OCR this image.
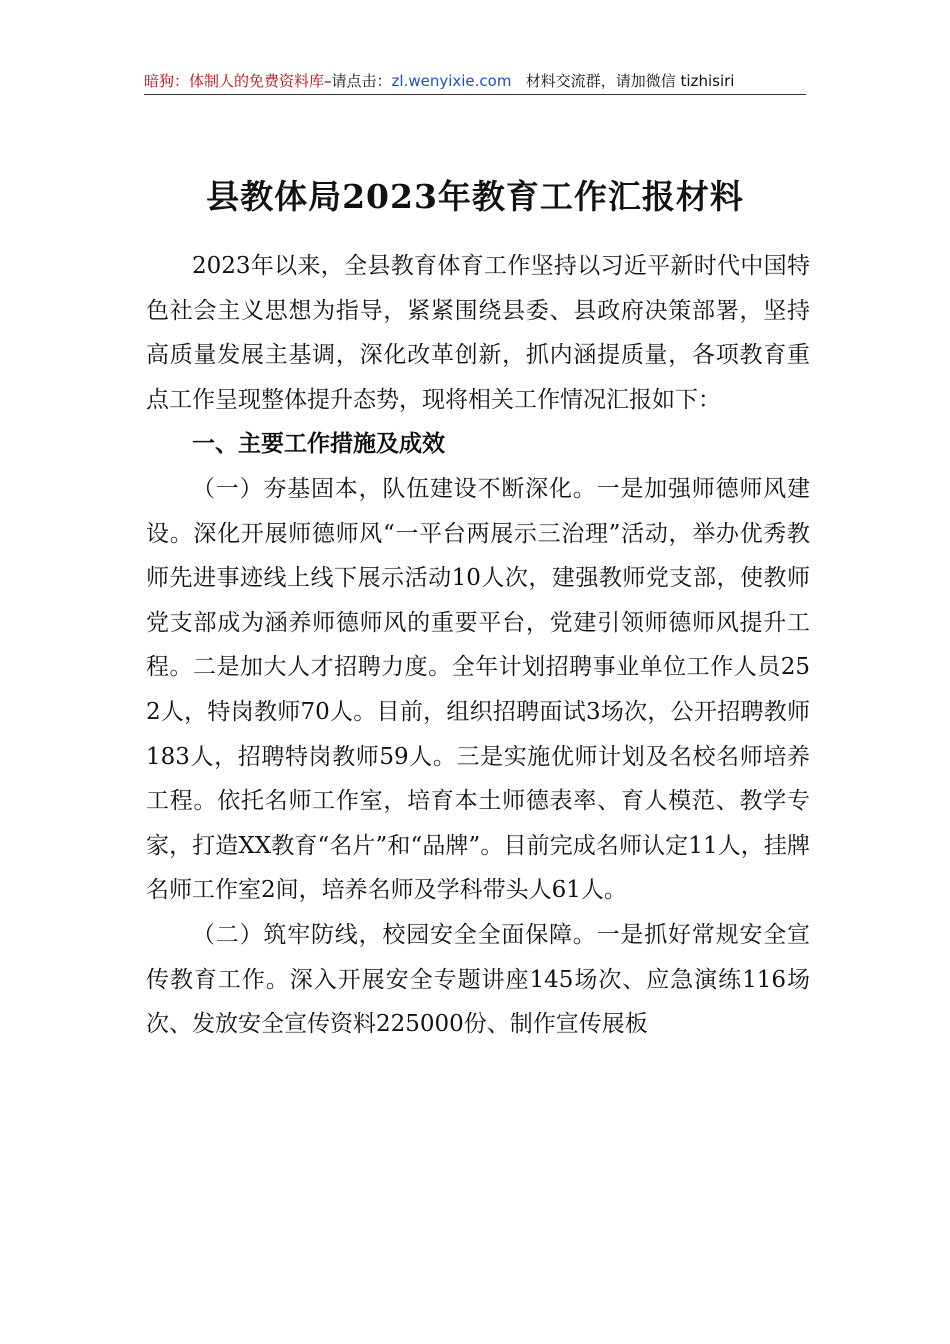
暗狗：体制人的免费资料库–请点击：zl.wenyixie.com 材料交流群，请加微信 tizhisiri
县教体局2023年教育工作汇报材料

2023年以来，全县教育体育工作坚持以习近平新时代中国特色社会主义思想为指导，紧紧围绕县委、县政府决策部署，坚持高质量发展主基调，深化改革创新，抓内涵提质量，各项教育重点工作呈现整体提升态势，现将相关工作情况汇报如下：

一、主要工作措施及成效

（一）夯基固本，队伍建设不断深化。一是加强师德师风建设。深化开展师德师风“一平台两展示三治理”活动，举办优秀教师先进事迹线上线下展示活动10人次，建强教师党支部，使教师党支部成为涵养师德师风的重要平台，党建引领师德师风提升工程。二是加大人才招聘力度。全年计划招聘事业单位工作人员252人，特岗教师70人。目前，组织招聘面试3场次，公开招聘教师183人，招聘特岗教师59人。三是实施优师计划及名校名师培养工程。依托名师工作室，培育本土师德表率、育人模范、教学专家，打造XX教育“名片”和“品牌”。目前完成名师认定11人，挂牌名师工作室2间，培养名师及学科带头人61人。

（二）筑牢防线，校园安全全面保障。一是抓好常规安全宣传教育工作。深入开展安全专题讲座145场次、应急演练116场次、发放安全宣传资料225000份、制作宣传展板
